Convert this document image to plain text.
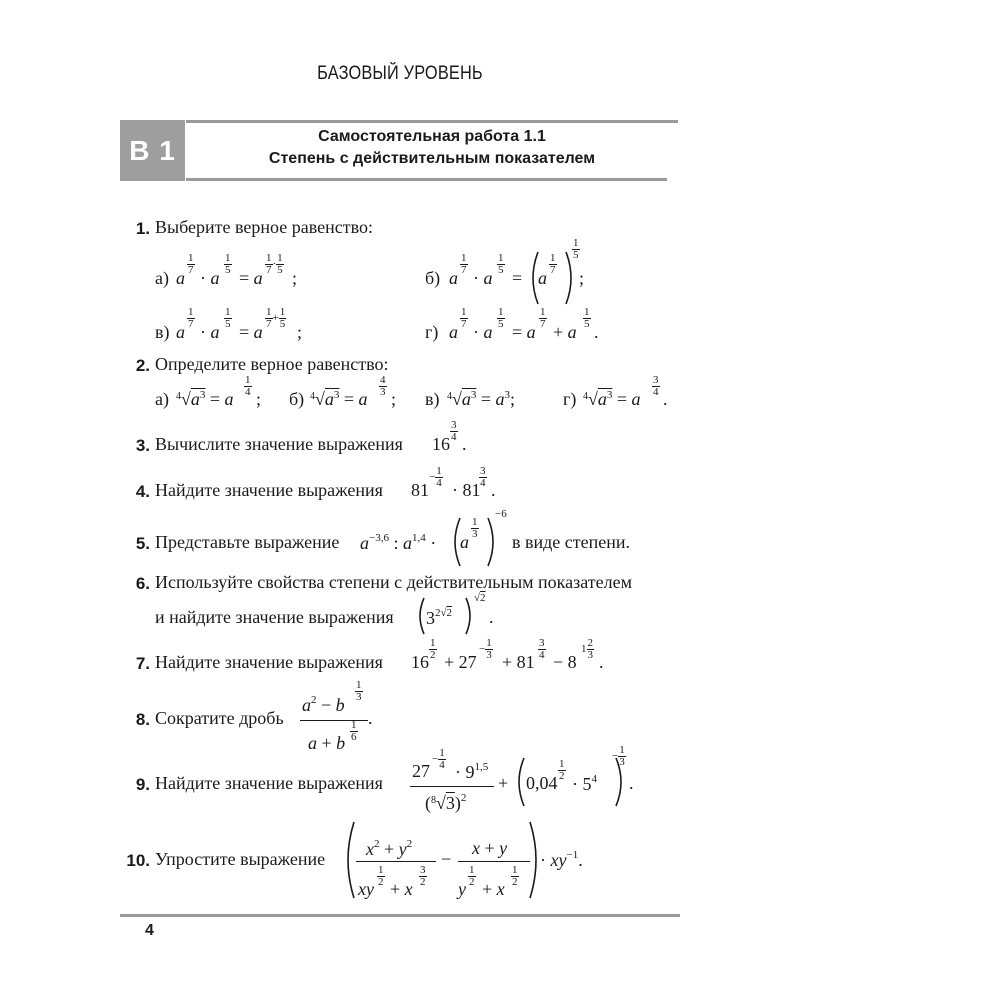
БАЗОВЫЙ УРОВЕНЬ
В 1	Самостоятельная работа 1.1
Степень с действительным показателем
1. Выберите верное равенство:
а) a
$\frac{1}{7}$
· a
$\frac{1}{5}$
= a
$\frac{1}{7} \cdot \frac{1}{5}$
;	б) a
$\frac{1}{7}$
· a
$\frac{1}{5}$
= a
$\frac{1}{7}$
$\frac{1}{5}$
;
в) a
$\frac{1}{7}$
· a
$\frac{1}{5}$
= a
$\frac{1}{7} + \frac{1}{5}$
;	г) a
$\frac{1}{7}$
· a
$\frac{1}{5}$
= a
$\frac{1}{7}$
+ a
$\frac{1}{5}$
.
2. Определите верное равенство:
а) $^4√a^3 = a$
$\frac{1}{4}$
; б) $^4√a^3 = a$
$\frac{4}{3}$
; в) $^4√a^3 = a^3$;	г) $^4√a^3 = a$
$\frac{3}{4}$
.
3. Вычислите значение выражения 16
$\frac{3}{4}$
.
4. Найдите значение выражения 81
− $\frac{1}{4}$
· 81
$\frac{3}{4}$
.
5. Представьте выражение $a^{-3,6}$ : $a^{1,4} \cdot a$
$\frac{1}{3}$
−6
в виде степени.
6. Используйте свойства степени с действительным показателем
и найдите значение выражения $3^{2√2}$
√2
.
7. Найдите значение выражения 16
$\frac{1}{2}$
+ 27
− $\frac{1}{3}$
+ 81
$\frac{3}{4}$
− 8
$1 \frac{2}{3}$
.
8. Сократите дробь
$a^2 - b$
$\frac{1}{3}$
a + b $\frac{1}{6}$
.
9. Найдите значение выражения
27
− $\frac{1}{4}$
· $9^{1,5}$
$(^8√3)^2$
+ 0,04
$\frac{1}{2}$
· $5^4$
− $\frac{1}{3}$
.
10. Упростите выражение $x^2 + y^2$
xy
$\frac{1}{2}$
+ x
$\frac{3}{2}$
−
x + y
y
$\frac{1}{2}$
+ x
$\frac{1}{2}$
· $xy^{-1}$.
4
